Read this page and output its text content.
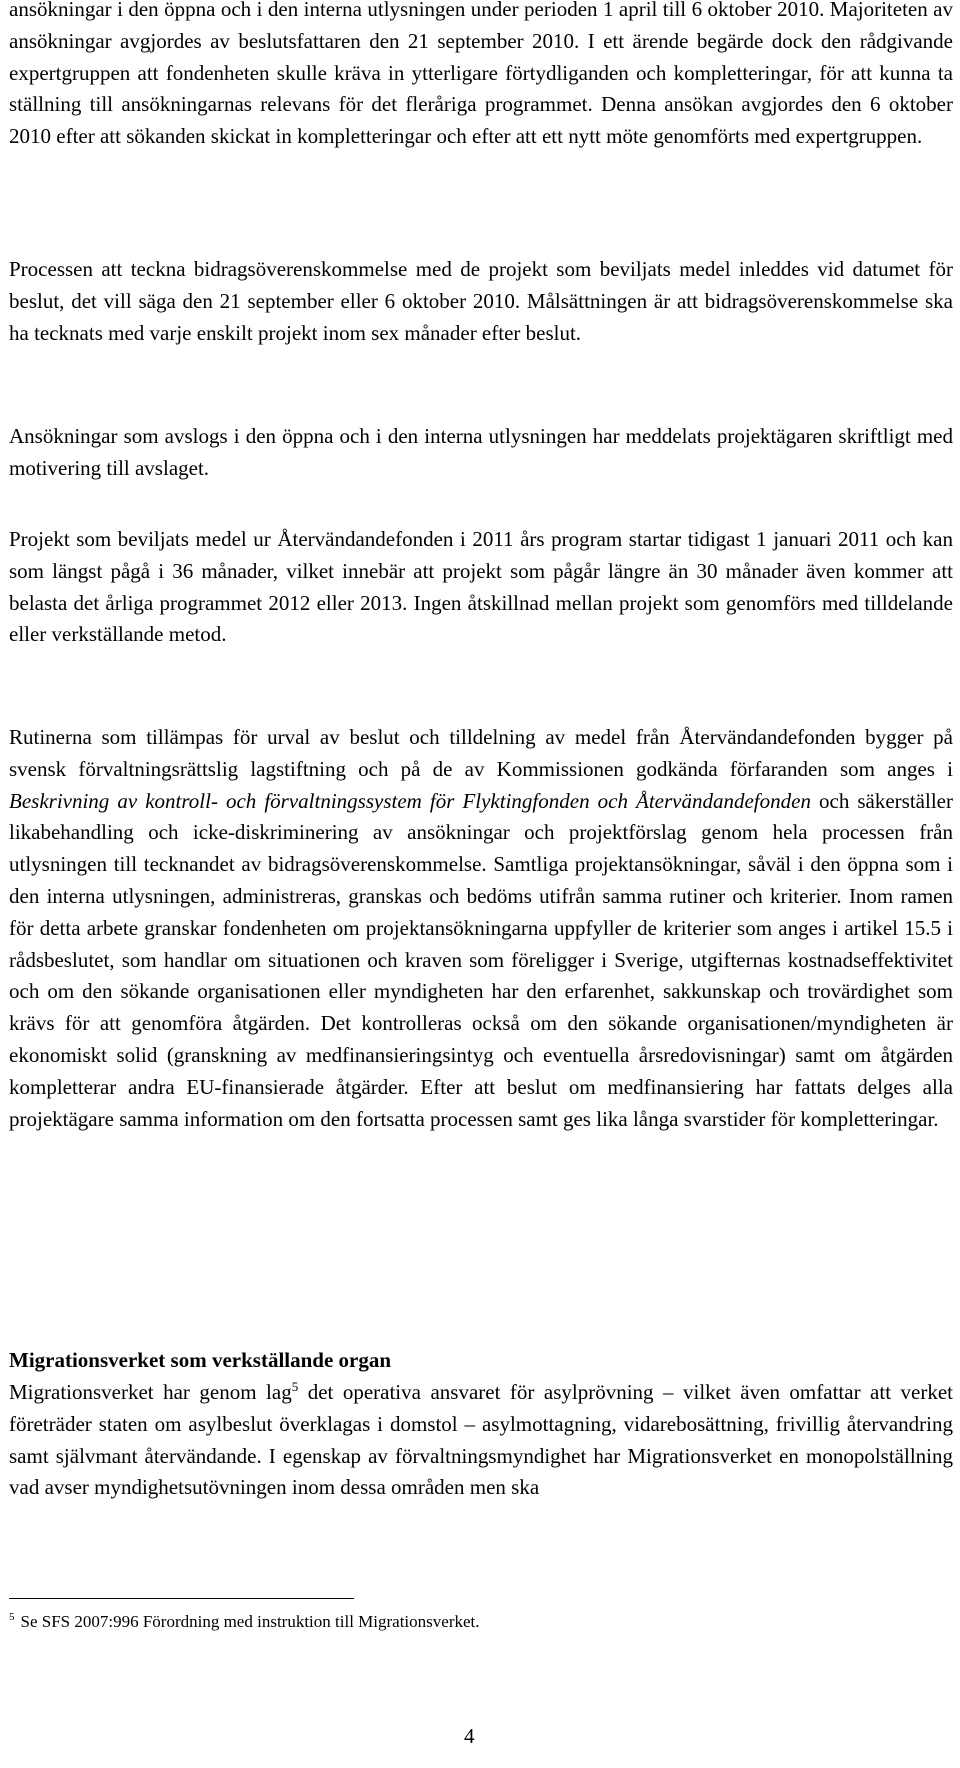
ansökningar i den öppna och i den interna utlysningen under perioden 1 april till 6 oktober 2010. Majoriteten av ansökningar avgjordes av beslutsfattaren den 21 september 2010. I ett ärende begärde dock den rådgivande expertgruppen att fondenheten skulle kräva in ytterligare förtydliganden och kompletteringar, för att kunna ta ställning till ansökningarnas relevans för det fleråriga programmet. Denna ansökan avgjordes den 6 oktober 2010 efter att sökanden skickat in kompletteringar och efter att ett nytt möte genomförts med expertgruppen.

Processen att teckna bidragsöverenskommelse med de projekt som beviljats medel inleddes vid datumet för beslut, det vill säga den 21 september eller 6 oktober 2010. Målsättningen är att bidragsöverenskommelse ska ha tecknats med varje enskilt projekt inom sex månader efter beslut.

Ansökningar som avslogs i den öppna och i den interna utlysningen har meddelats projektägaren skriftligt med motivering till avslaget.

Projekt som beviljats medel ur Återvändandefonden i 2011 års program startar tidigast 1 januari 2011 och kan som längst pågå i 36 månader, vilket innebär att projekt som pågår längre än 30 månader även kommer att belasta det årliga programmet 2012 eller 2013. Ingen åtskillnad mellan projekt som genomförs med tilldelande eller verkställande metod.

Rutinerna som tillämpas för urval av beslut och tilldelning av medel från Återvändandefonden bygger på svensk förvaltningsrättslig lagstiftning och på de av Kommissionen godkända förfaranden som anges i Beskrivning av kontroll- och förvaltningssystem för Flyktingfonden och Återvändandefonden och säkerställer likabehandling och icke-diskriminering av ansökningar och projektförslag genom hela processen från utlysningen till tecknandet av bidragsöverenskommelse. Samtliga projektansökningar, såväl i den öppna som i den interna utlysningen, administreras, granskas och bedöms utifrån samma rutiner och kriterier. Inom ramen för detta arbete granskar fondenheten om projektansökningarna uppfyller de kriterier som anges i artikel 15.5 i rådsbeslutet, som handlar om situationen och kraven som föreligger i Sverige, utgifternas kostnadseffektivitet och om den sökande organisationen eller myndigheten har den erfarenhet, sakkunskap och trovärdighet som krävs för att genomföra åtgärden. Det kontrolleras också om den sökande organisationen/myndigheten är ekonomiskt solid (granskning av medfinansieringsintyg och eventuella årsredovisningar) samt om åtgärden kompletterar andra EU-finansierade åtgärder. Efter att beslut om medfinansiering har fattats delges alla projektägare samma information om den fortsatta processen samt ges lika långa svarstider för kompletteringar.

Migrationsverket som verkställande organ

Migrationsverket har genom lag$^5$ det operativa ansvaret för asylprövning – vilket även omfattar att verket företräder staten om asylbeslut överklagas i domstol – asylmottagning, vidarebosättning, frivillig återvandring samt självmant återvändande. I egenskap av förvaltningsmyndighet har Migrationsverket en monopolställning vad avser myndighetsutövningen inom dessa områden men ska

$^5$ Se SFS 2007:996 Förordning med instruktion till Migrationsverket.

4
